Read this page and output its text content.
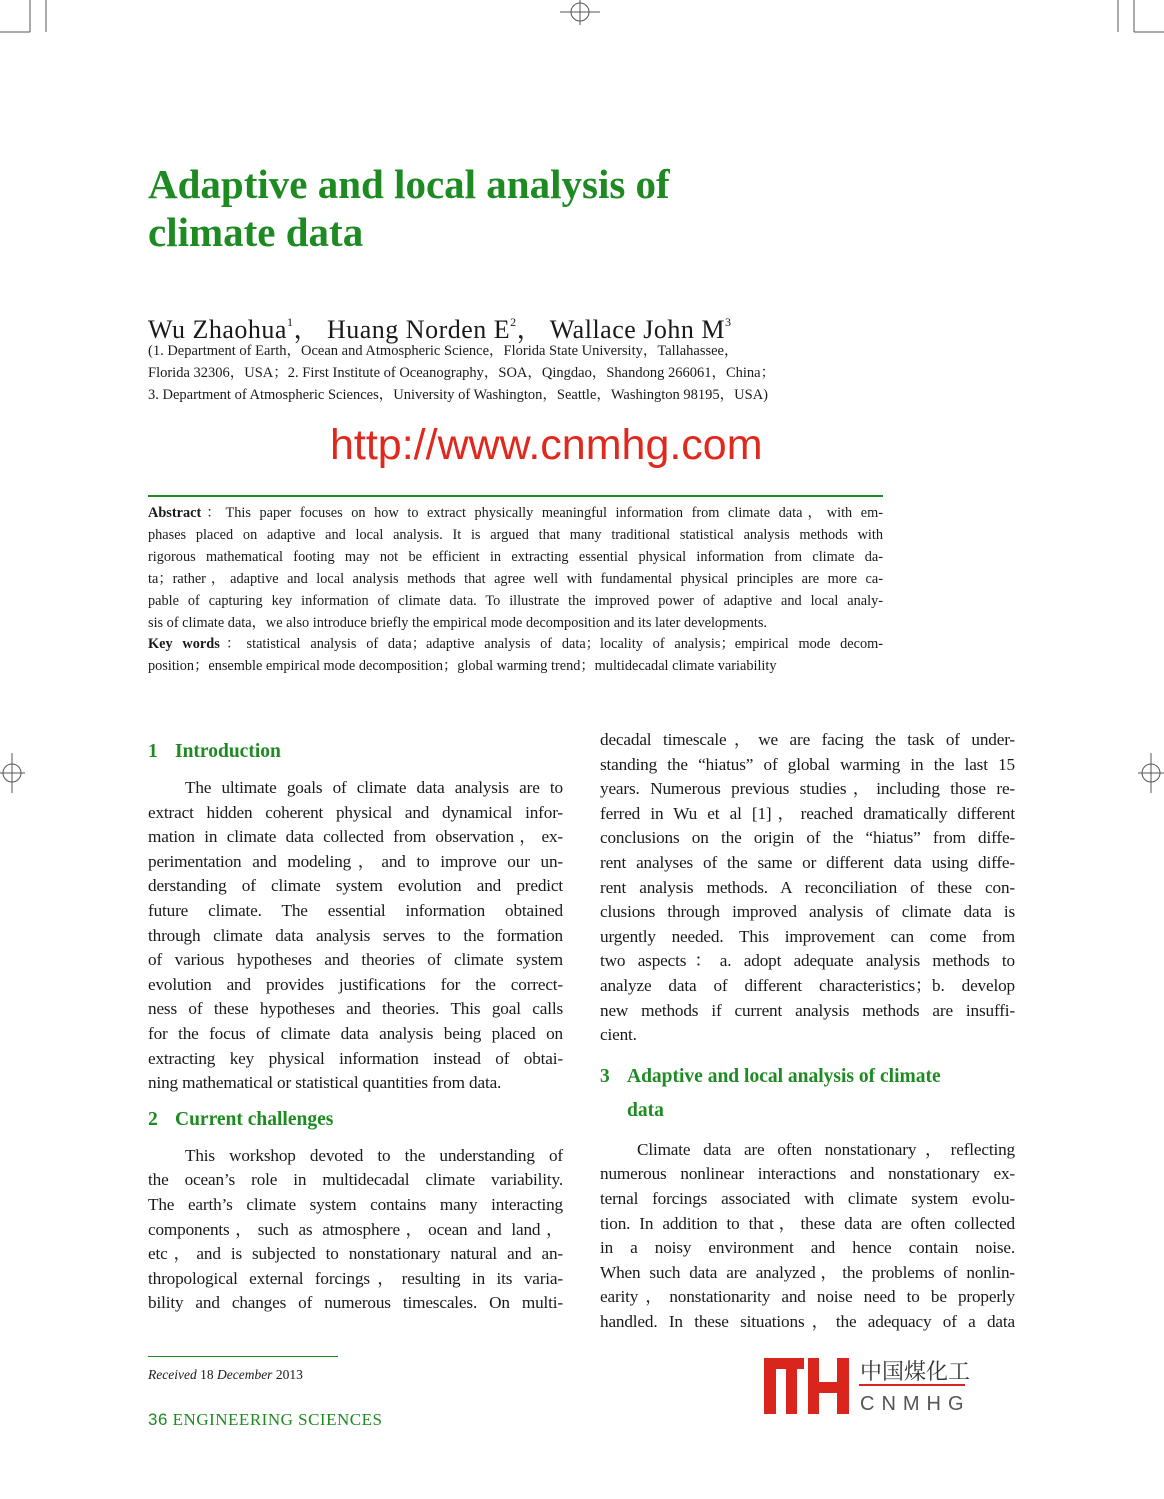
Adaptive and local analysis of
climate data
Wu Zhaohua$^1$， Huang Norden $E^2$， Wallace John $M^3$
(1. Department of Earth，Ocean and Atmospheric Science，Florida State University，Tallahassee，
Florida 32306，USA；2. First Institute of Oceanography，SOA，Qingdao，Shandong 266061，China；
3. Department of Atmospheric Sciences，University of Washington，Seattle，Washington 98195，USA)
http://www.cnmhg.com
Abstract：This paper focuses on how to extract physically meaningful information from climate data，with em-
phases placed on adaptive and local analysis. It is argued that many traditional statistical analysis methods with
rigorous mathematical footing may not be efficient in extracting essential physical information from climate da-
ta；rather，adaptive and local analysis methods that agree well with fundamental physical principles are more ca-
pable of capturing key information of climate data. To illustrate the improved power of adaptive and local analy-
sis of climate data，we also introduce briefly the empirical mode decomposition and its later developments.
Key words：statistical analysis of data；adaptive analysis of data；locality of analysis；empirical mode decom-
position；ensemble empirical mode decomposition；global warming trend；multidecadal climate variability
1 Introduction
The ultimate goals of climate data analysis are to
extract hidden coherent physical and dynamical infor-
mation in climate data collected from observation，ex-
perimentation and modeling，and to improve our un-
derstanding of climate system evolution and predict
future climate. The essential information obtained
through climate data analysis serves to the formation
of various hypotheses and theories of climate system
evolution and provides justifications for the correct-
ness of these hypotheses and theories. This goal calls
for the focus of climate data analysis being placed on
extracting key physical information instead of obtai-
ning mathematical or statistical quantities from data.
2 Current challenges
This workshop devoted to the understanding of
the ocean’s role in multidecadal climate variability.
The earth’s climate system contains many interacting
components，such as atmosphere，ocean and land，
etc，and is subjected to nonstationary natural and an-
thropological external forcings，resulting in its varia-
bility and changes of numerous timescales. On multi-
decadal timescale，we are facing the task of under-
standing the “hiatus” of global warming in the last 15
years. Numerous previous studies，including those re-
ferred in Wu et al [1]，reached dramatically different
conclusions on the origin of the “hiatus” from diffe-
rent analyses of the same or different data using diffe-
rent analysis methods. A reconciliation of these con-
clusions through improved analysis of climate data is
urgently needed. This improvement can come from
two aspects：a. adopt adequate analysis methods to
analyze data of different characteristics；b. develop
new methods if current analysis methods are insuffi-
cient.
3 Adaptive and local analysis of climate
data
Climate data are often nonstationary，reflecting
numerous nonlinear interactions and nonstationary ex-
ternal forcings associated with climate system evolu-
tion. In addition to that，these data are often collected
in a noisy environment and hence contain noise.
When such data are analyzed，the problems of nonlin-
earity，nonstationarity and noise need to be properly
handled. In these situations，the adequacy of a data
Received 18 December 2013
36 ENGINEERING SCIENCES
中国煤化工
CNMHG
